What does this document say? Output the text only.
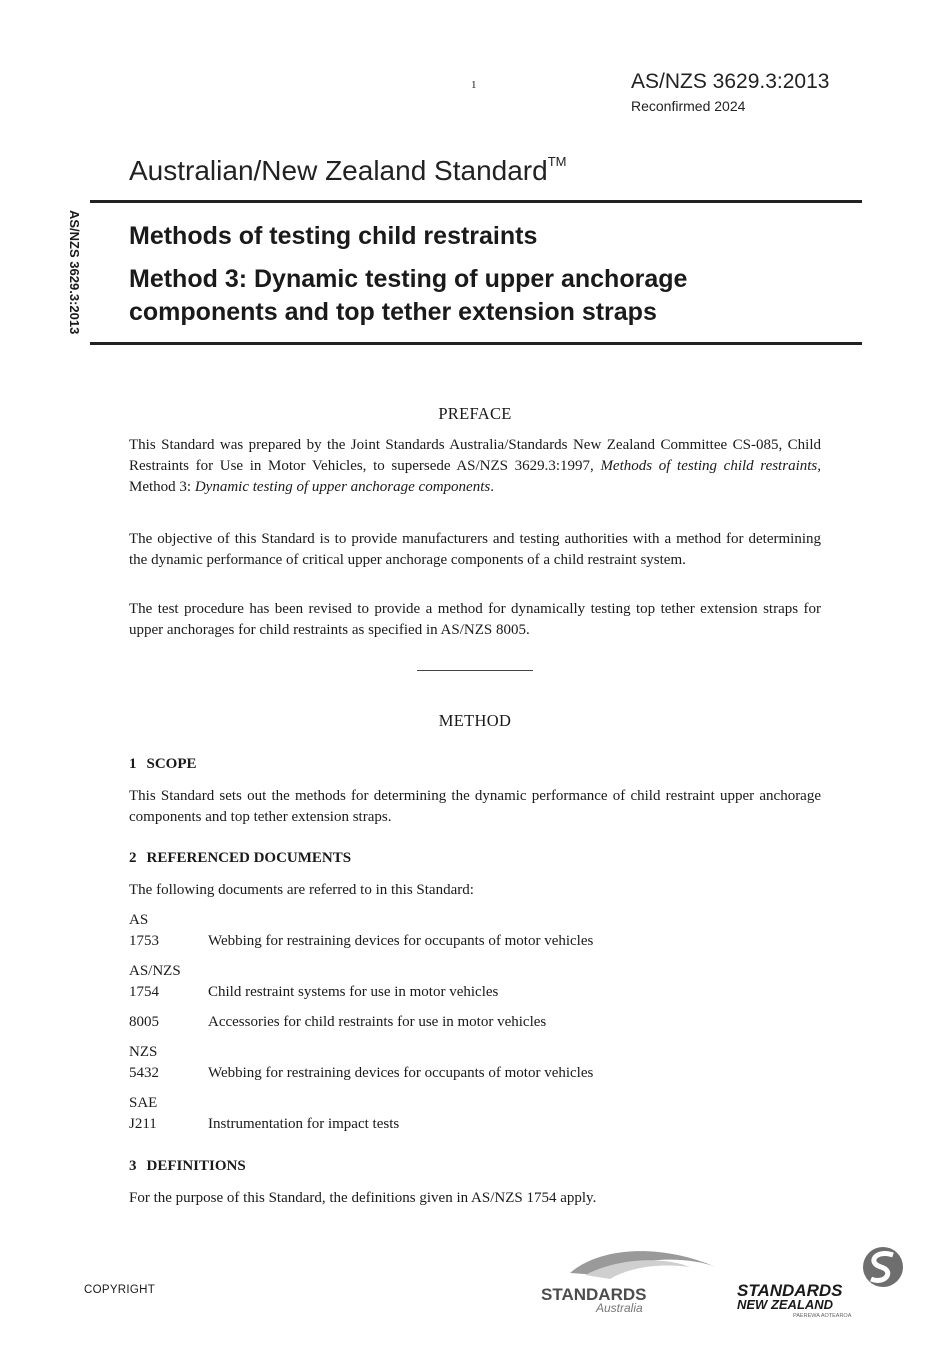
1	AS/NZS 3629.3:2013
Reconfirmed 2024
Australian/New Zealand Standard™
AS/NZS 3629.3:2013 Methods of testing child restraints
Method 3: Dynamic testing of upper anchorage components and top tether extension straps
PREFACE
This Standard was prepared by the Joint Standards Australia/Standards New Zealand Committee CS-085, Child Restraints for Use in Motor Vehicles, to supersede AS/NZS 3629.3:1997, Methods of testing child restraints, Method 3: Dynamic testing of upper anchorage components.
The objective of this Standard is to provide manufacturers and testing authorities with a method for determining the dynamic performance of critical upper anchorage components of a child restraint system.
The test procedure has been revised to provide a method for dynamically testing top tether extension straps for upper anchorages for child restraints as specified in AS/NZS 8005.
METHOD
1 SCOPE
This Standard sets out the methods for determining the dynamic performance of child restraint upper anchorage components and top tether extension straps.
2 REFERENCED DOCUMENTS
The following documents are referred to in this Standard:
AS
1753	Webbing for restraining devices for occupants of motor vehicles
AS/NZS
1754	Child restraint systems for use in motor vehicles
8005	Accessories for child restraints for use in motor vehicles
NZS
5432	Webbing for restraining devices for occupants of motor vehicles
SAE
J211	Instrumentation for impact tests
3 DEFINITIONS
For the purpose of this Standard, the definitions given in AS/NZS 1754 apply.
COPYRIGHT	STANDARDS
Australia
STANDARDS
NEW ZEALAND
PAEREWA AOTEAROA
